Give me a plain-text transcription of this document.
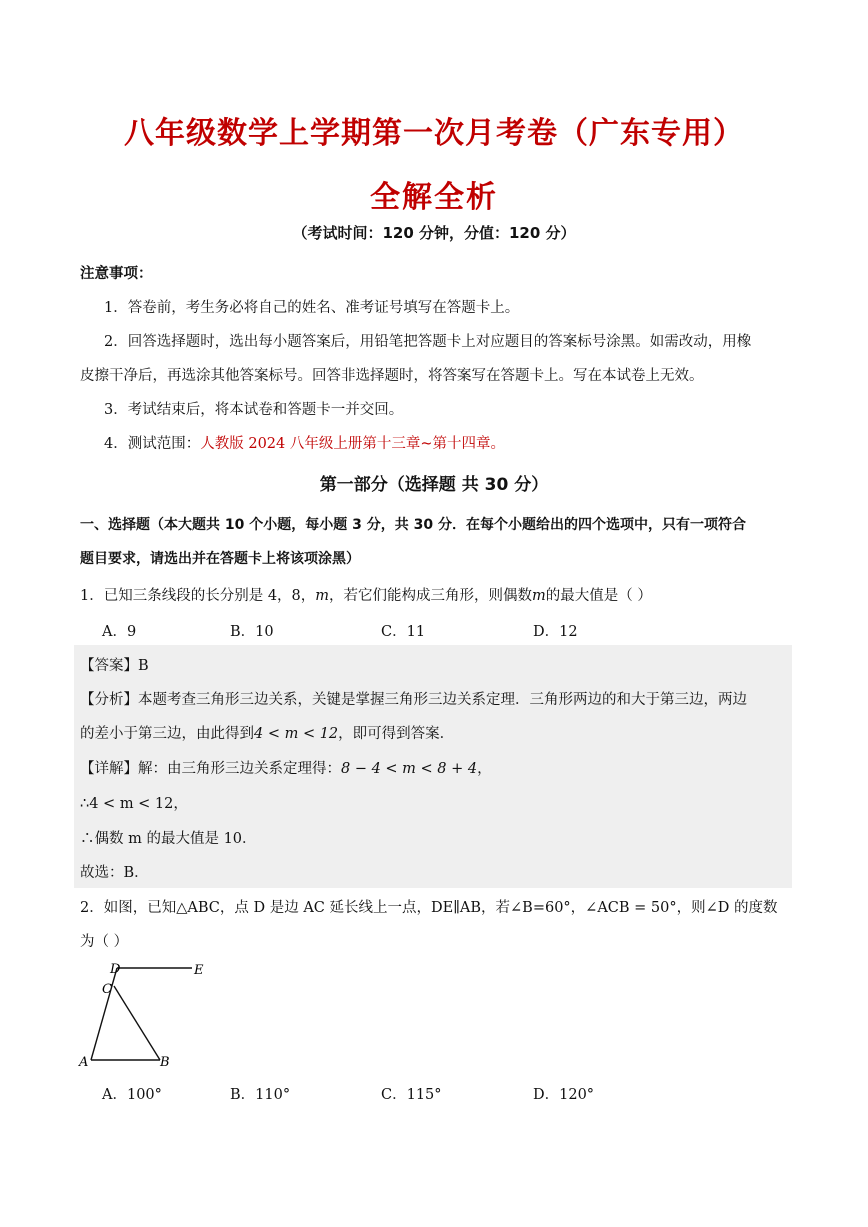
八年级数学上学期第一次月考卷（广东专用）
全解全析
（考试时间：120 分钟，分值：120 分）
注意事项：
1．答卷前，考生务必将自己的姓名、准考证号填写在答题卡上。
2．回答选择题时，选出每小题答案后，用铅笔把答题卡上对应题目的答案标号涂黑。如需改动，用橡
皮擦干净后，再选涂其他答案标号。回答非选择题时，将答案写在答题卡上。写在本试卷上无效。
3．考试结束后，将本试卷和答题卡一并交回。
4．测试范围：人教版 2024 八年级上册第十三章~第十四章。
第一部分（选择题 共 30 分）
一、选择题（本大题共 10 个小题，每小题 3 分，共 30 分．在每个小题给出的四个选项中，只有一项符合
题目要求，请选出并在答题卡上将该项涂黑）
1．已知三条线段的长分别是 4，8，m，若它们能构成三角形，则偶数m的最大值是（ ）
A．9	B．10	C．11	D．12
【答案】B
【分析】本题考查三角形三边关系，关键是掌握三角形三边关系定理．三角形两边的和大于第三边，两边
的差小于第三边，由此得到4 < m < 12，即可得到答案．
【详解】解：由三角形三边关系定理得：8 − 4 < m < 8 + 4，
∴4 < m < 12，
∴偶数 m 的最大值是 10．
故选：B．
2．如图，已知△ABC，点 D 是边 AC 延长线上一点，DE∥AB，若∠B=60°，∠ACB = 50°，则∠D 的度数
为（ ）
D	E
C
A	B
A．100°	B．110°	C．115°	D．120°
